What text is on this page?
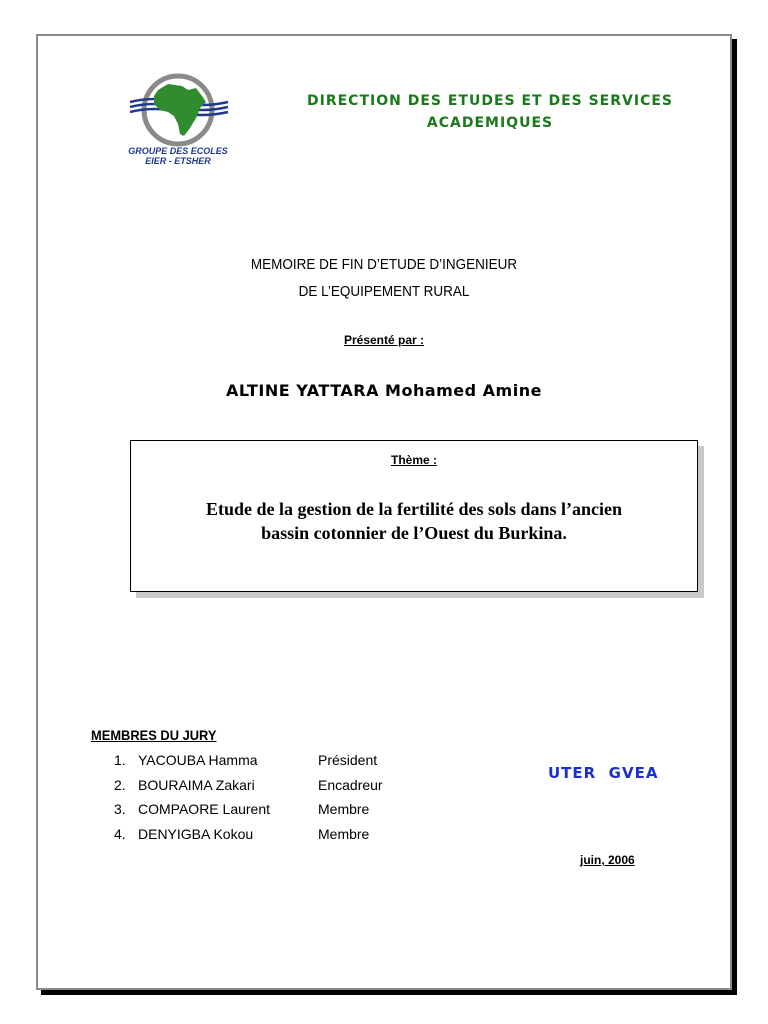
GROUPE DES ECOLES
EIER - ETSHER
DIRECTION DES ETUDES ET DES SERVICES
ACADEMIQUES
MEMOIRE DE FIN D’ETUDE D’INGENIEUR
DE L’EQUIPEMENT RURAL
Présenté par :
ALTINE YATTARA Mohamed Amine
Thème :
Etude de la gestion de la fertilité des sols dans l’ancien
bassin cotonnier de l’Ouest du Burkina.
MEMBRES DU JURY
1. YACOUBA Hamma	Président
2. BOURAIMA Zakari	Encadreur
3. COMPAORE Laurent	Membre
4. DENYIGBA Kokou	Membre
UTER  GVEA
juin, 2006
